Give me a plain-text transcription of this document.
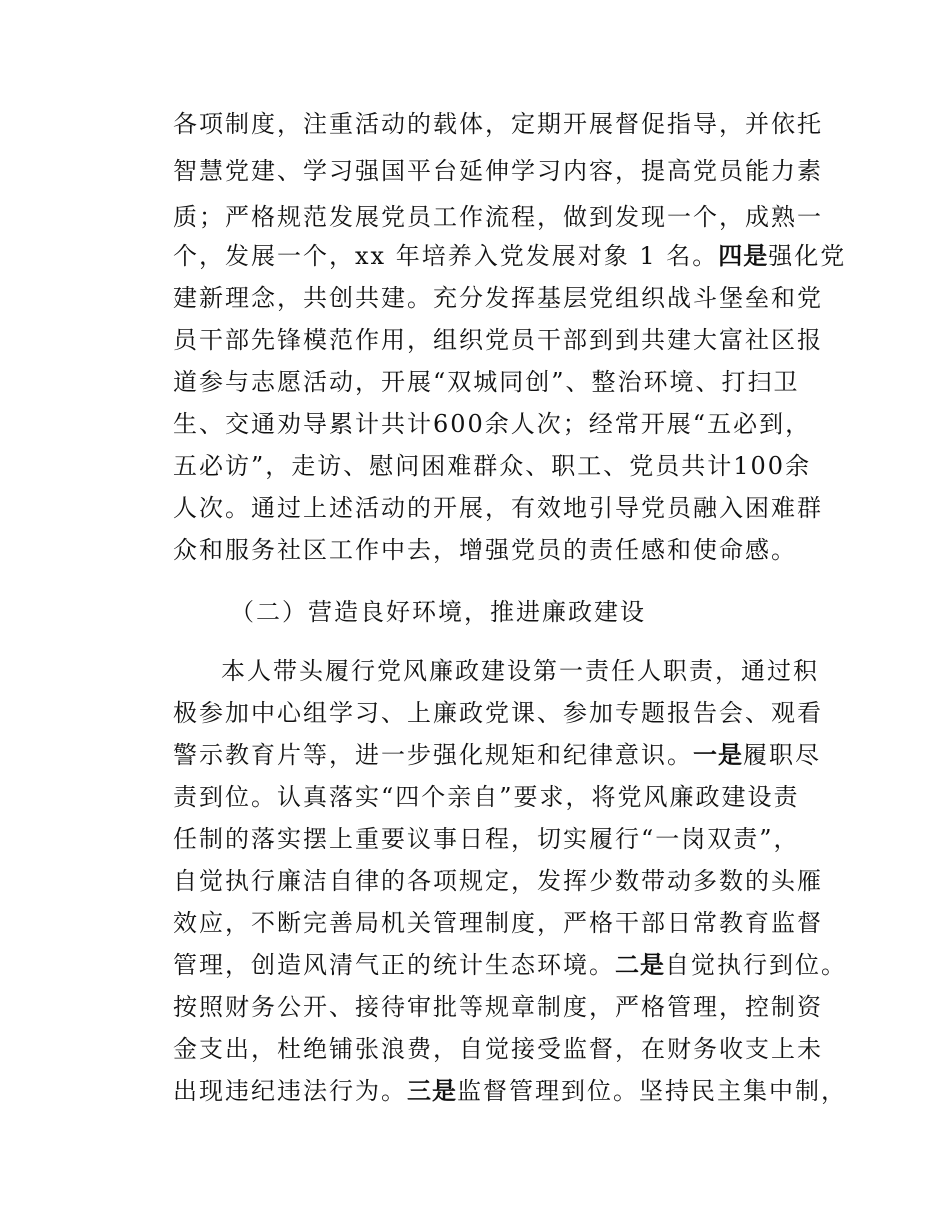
各项制度，注重活动的载体，定期开展督促指导，并依托
智慧党建、学习强国平台延伸学习内容，提高党员能力素
质；严格规范发展党员工作流程，做到发现一个，成熟一
个，发展一个，xx 年培养入党发展对象 1 名。四是强化党
建新理念，共创共建。充分发挥基层党组织战斗堡垒和党
员干部先锋模范作用，组织党员干部到到共建大富社区报
道参与志愿活动，开展“双城同创”、整治环境、打扫卫
生、交通劝导累计共计600余人次；经常开展“五必到，
五必访”，走访、慰问困难群众、职工、党员共计100余
人次。通过上述活动的开展，有效地引导党员融入困难群
众和服务社区工作中去，增强党员的责任感和使命感。
（二）营造良好环境，推进廉政建设
本人带头履行党风廉政建设第一责任人职责，通过积
极参加中心组学习、上廉政党课、参加专题报告会、观看
警示教育片等，进一步强化规矩和纪律意识。一是履职尽
责到位。认真落实“四个亲自”要求，将党风廉政建设责
任制的落实摆上重要议事日程，切实履行“一岗双责”，
自觉执行廉洁自律的各项规定，发挥少数带动多数的头雁
效应，不断完善局机关管理制度，严格干部日常教育监督
管理，创造风清气正的统计生态环境。二是自觉执行到位。
按照财务公开、接待审批等规章制度，严格管理，控制资
金支出，杜绝铺张浪费，自觉接受监督，在财务收支上未
出现违纪违法行为。三是监督管理到位。坚持民主集中制，
